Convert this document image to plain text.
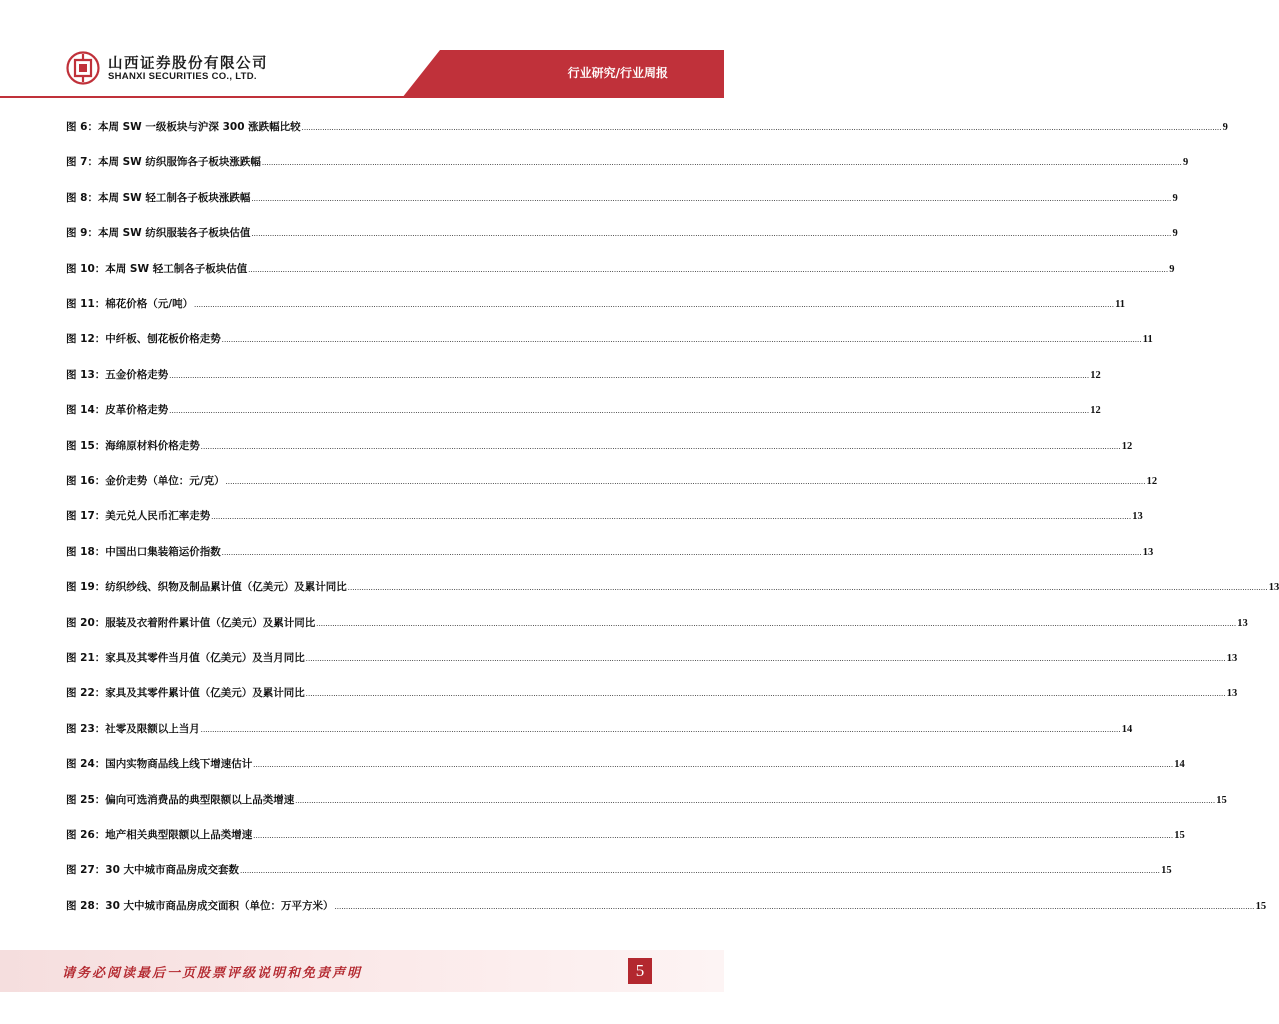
山西证券股份有限公司
SHANXI SECURITIES CO., LTD.	行业研究/行业周报
图 6： 本周 SW 一级板块与沪深 300 涨跌幅比较 ................................................................................................................................................................................................................................................................................................................................................................................................................ 9
图 7： 本周 SW 纺织服饰各子板块涨跌幅 ................................................................................................................................................................................................................................................................................................................................................................................................................ 9
图 8： 本周 SW 轻工制各子板块涨跌幅 ................................................................................................................................................................................................................................................................................................................................................................................................................ 9
图 9： 本周 SW 纺织服装各子板块估值 ................................................................................................................................................................................................................................................................................................................................................................................................................ 9
图 10： 本周 SW 轻工制各子板块估值 ................................................................................................................................................................................................................................................................................................................................................................................................................ 9
图 11： 棉花价格（元/吨） ................................................................................................................................................................................................................................................................................................................................................................................................................ 11
图 12： 中纤板、刨花板价格走势 ................................................................................................................................................................................................................................................................................................................................................................................................................ 11
图 13： 五金价格走势 ................................................................................................................................................................................................................................................................................................................................................................................................................ 12
图 14： 皮革价格走势 ................................................................................................................................................................................................................................................................................................................................................................................................................ 12
图 15： 海绵原材料价格走势 ................................................................................................................................................................................................................................................................................................................................................................................................................ 12
图 16： 金价走势（单位：元/克） ................................................................................................................................................................................................................................................................................................................................................................................................................ 12
图 17： 美元兑人民币汇率走势 ................................................................................................................................................................................................................................................................................................................................................................................................................ 13
图 18： 中国出口集装箱运价指数 ................................................................................................................................................................................................................................................................................................................................................................................................................ 13
图 19： 纺织纱线、织物及制品累计值（亿美元）及累计同比 ................................................................................................................................................................................................................................................................................................................................................................................................................ 13
图 20： 服装及衣着附件累计值（亿美元）及累计同比 ................................................................................................................................................................................................................................................................................................................................................................................................................ 13
图 21： 家具及其零件当月值（亿美元）及当月同比 ................................................................................................................................................................................................................................................................................................................................................................................................................ 13
图 22： 家具及其零件累计值（亿美元）及累计同比 ................................................................................................................................................................................................................................................................................................................................................................................................................ 13
图 23： 社零及限额以上当月 ................................................................................................................................................................................................................................................................................................................................................................................................................ 14
图 24： 国内实物商品线上线下增速估计 ................................................................................................................................................................................................................................................................................................................................................................................................................ 14
图 25： 偏向可选消费品的典型限额以上品类增速 ................................................................................................................................................................................................................................................................................................................................................................................................................ 15
图 26： 地产相关典型限额以上品类增速 ................................................................................................................................................................................................................................................................................................................................................................................................................ 15
图 27： 30 大中城市商品房成交套数 ................................................................................................................................................................................................................................................................................................................................................................................................................ 15
图 28： 30 大中城市商品房成交面积（单位：万平方米） ................................................................................................................................................................................................................................................................................................................................................................................................................ 15
请务必阅读最后一页股票评级说明和免责声明	5
